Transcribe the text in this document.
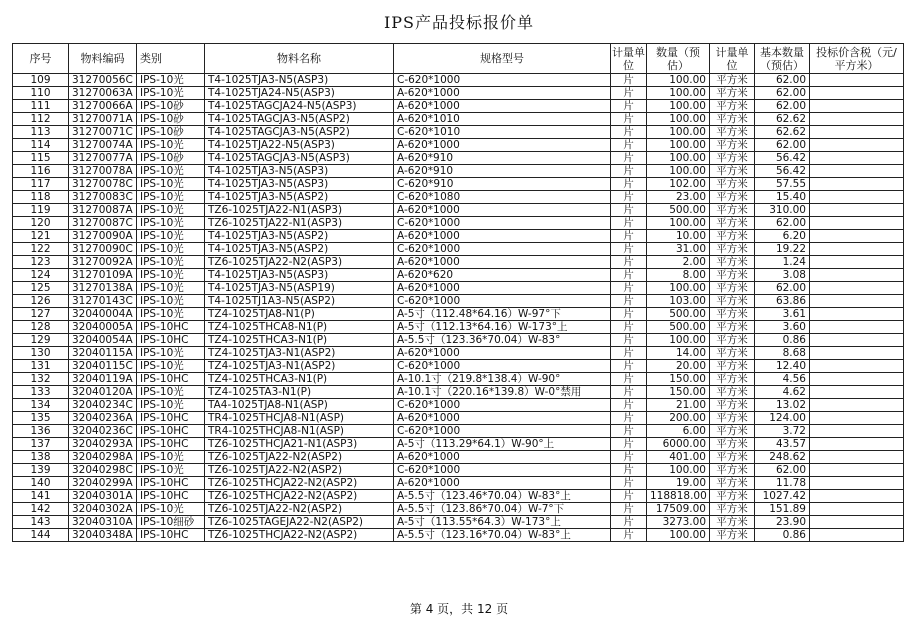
IPS产品投标报价单
序号	物料编码	类别	物料名称	规格型号	计量单位	数量（预估）	计量单位	基本数量（预估）	投标价含税（元/平方米）
109	31270056C	IPS-10光	T4-1025TJA3-N5(ASP3)	C-620*1000	片	100.00	平方米	62.00	
110	31270063A	IPS-10光	T4-1025TJA24-N5(ASP3)	A-620*1000	片	100.00	平方米	62.00	
111	31270066A	IPS-10砂	T4-1025TAGCJA24-N5(ASP3)	A-620*1000	片	100.00	平方米	62.00	
112	31270071A	IPS-10砂	T4-1025TAGCJA3-N5(ASP2)	A-620*1010	片	100.00	平方米	62.62	
113	31270071C	IPS-10砂	T4-1025TAGCJA3-N5(ASP2)	C-620*1010	片	100.00	平方米	62.62	
114	31270074A	IPS-10光	T4-1025TJA22-N5(ASP3)	A-620*1000	片	100.00	平方米	62.00	
115	31270077A	IPS-10砂	T4-1025TAGCJA3-N5(ASP3)	A-620*910	片	100.00	平方米	56.42	
116	31270078A	IPS-10光	T4-1025TJA3-N5(ASP3)	A-620*910	片	100.00	平方米	56.42	
117	31270078C	IPS-10光	T4-1025TJA3-N5(ASP3)	C-620*910	片	102.00	平方米	57.55	
118	31270083C	IPS-10光	T4-1025TJA3-N5(ASP2)	C-620*1080	片	23.00	平方米	15.40	
119	31270087A	IPS-10光	TZ6-1025TJA22-N1(ASP3)	A-620*1000	片	500.00	平方米	310.00	
120	31270087C	IPS-10光	TZ6-1025TJA22-N1(ASP3)	C-620*1000	片	100.00	平方米	62.00	
121	31270090A	IPS-10光	T4-1025TJA3-N5(ASP2)	A-620*1000	片	10.00	平方米	6.20	
122	31270090C	IPS-10光	T4-1025TJA3-N5(ASP2)	C-620*1000	片	31.00	平方米	19.22	
123	31270092A	IPS-10光	TZ6-1025TJA22-N2(ASP3)	A-620*1000	片	2.00	平方米	1.24	
124	31270109A	IPS-10光	T4-1025TJA3-N5(ASP3)	A-620*620	片	8.00	平方米	3.08	
125	31270138A	IPS-10光	T4-1025TJA3-N5(ASP19)	A-620*1000	片	100.00	平方米	62.00	
126	31270143C	IPS-10光	T4-1025TJ1A3-N5(ASP2)	C-620*1000	片	103.00	平方米	63.86	
127	32040004A	IPS-10光	TZ4-1025TJA8-N1(P)	A-5寸（112.48*64.16）W-97°下	片	500.00	平方米	3.61	
128	32040005A	IPS-10HC	TZ4-1025THCA8-N1(P)	A-5寸（112.13*64.16）W-173°上	片	500.00	平方米	3.60	
129	32040054A	IPS-10HC	TZ4-1025THCA3-N1(P)	A-5.5寸（123.36*70.04）W-83°	片	100.00	平方米	0.86	
130	32040115A	IPS-10光	TZ4-1025TJA3-N1(ASP2)	A-620*1000	片	14.00	平方米	8.68	
131	32040115C	IPS-10光	TZ4-1025TJA3-N1(ASP2)	C-620*1000	片	20.00	平方米	12.40	
132	32040119A	IPS-10HC	TZ4-1025THCA3-N1(P)	A-10.1寸（219.8*138.4）W-90°	片	150.00	平方米	4.56	
133	32040120A	IPS-10光	TZ4-1025TA3-N1(P)	A-10.1寸（220.16*139.8）W-0°禁用	片	150.00	平方米	4.62	
134	32040234C	IPS-10光	TA4-1025TJA8-N1(ASP)	C-620*1000	片	21.00	平方米	13.02	
135	32040236A	IPS-10HC	TR4-1025THCJA8-N1(ASP)	A-620*1000	片	200.00	平方米	124.00	
136	32040236C	IPS-10HC	TR4-1025THCJA8-N1(ASP)	C-620*1000	片	6.00	平方米	3.72	
137	32040293A	IPS-10HC	TZ6-1025THCJA21-N1(ASP3)	A-5寸（113.29*64.1）W-90°上	片	6000.00	平方米	43.57	
138	32040298A	IPS-10光	TZ6-1025TJA22-N2(ASP2)	A-620*1000	片	401.00	平方米	248.62	
139	32040298C	IPS-10光	TZ6-1025TJA22-N2(ASP2)	C-620*1000	片	100.00	平方米	62.00	
140	32040299A	IPS-10HC	TZ6-1025THCJA22-N2(ASP2)	A-620*1000	片	19.00	平方米	11.78	
141	32040301A	IPS-10HC	TZ6-1025THCJA22-N2(ASP2)	A-5.5寸（123.46*70.04）W-83°上	片	118818.00	平方米	1027.42	
142	32040302A	IPS-10光	TZ6-1025TJA22-N2(ASP2)	A-5.5寸（123.86*70.04）W-7°下	片	17509.00	平方米	151.89	
143	32040310A	IPS-10细砂	TZ6-1025TAGEJA22-N2(ASP2)	A-5寸（113.55*64.3）W-173°上	片	3273.00	平方米	23.90	
144	32040348A	IPS-10HC	TZ6-1025THCJA22-N2(ASP2)	A-5.5寸（123.16*70.04）W-83°上	片	100.00	平方米	0.86	
第 4 页，共 12 页
